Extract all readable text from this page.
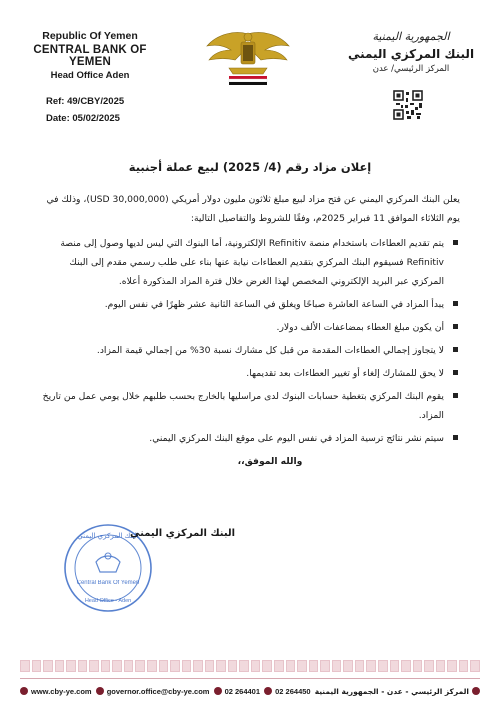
Republic Of Yemen
CENTRAL BANK OF YEMEN
Head Office Aden
Ref: 49/CBY/2025
Date: 05/02/2025
الجمهورية اليمنية
البنك المركزي اليمني
المركز الرئيسي/ عدن
إعلان مزاد رقم (4/ 2025) لبيع عملة أجنبية

يعلن البنك المركزي اليمني عن فتح مزاد لبيع مبلغ ثلاثون مليون دولار أمريكي (30,000,000 USD)، وذلك في يوم الثلاثاء الموافق 11 فبراير 2025م، وفقًا للشروط والتفاصيل التالية:

يتم تقديم العطاءات باستخدام منصة Refinitiv الإلكترونية، أما البنوك التي ليس لديها وصول إلى منصة Refinitiv فسيقوم البنك المركزي بتقديم العطاءات نيابة عنها بناء على طلب رسمي مقدم إلى البنك المركزي عبر البريد الإلكتروني المخصص لهذا الغرض خلال فترة المزاد المذكورة أعلاه.
يبدأ المزاد في الساعة العاشرة صباحًا ويغلق في الساعة الثانية عشر ظهرًا في نفس اليوم.
أن يكون مبلغ العطاء بمضاعفات الألف دولار.
لا يتجاوز إجمالي العطاءات المقدمة من قبل كل مشارك نسبة 30% من إجمالي قيمة المزاد.
لا يحق للمشارك إلغاء أو تغيير العطاءات بعد تقديمها.
يقوم البنك المركزي بتغطية حسابات البنوك لدى مراسليها بالخارج بحسب طلبهم خلال يومي عمل من تاريخ المزاد.
سيتم نشر نتائج ترسية المزاد في نفس اليوم على موقع البنك المركزي اليمني.
والله الموفق،،
البنك المركزي اليمني
Central Bank Of Yemen
Head Office - Aden
البنك المركزي اليمني
www.cby-ye.com governor.office@cby-ye.com 02 264401 02 264450 المركز الرئيسي - عدن - الجمهورية اليمنية
